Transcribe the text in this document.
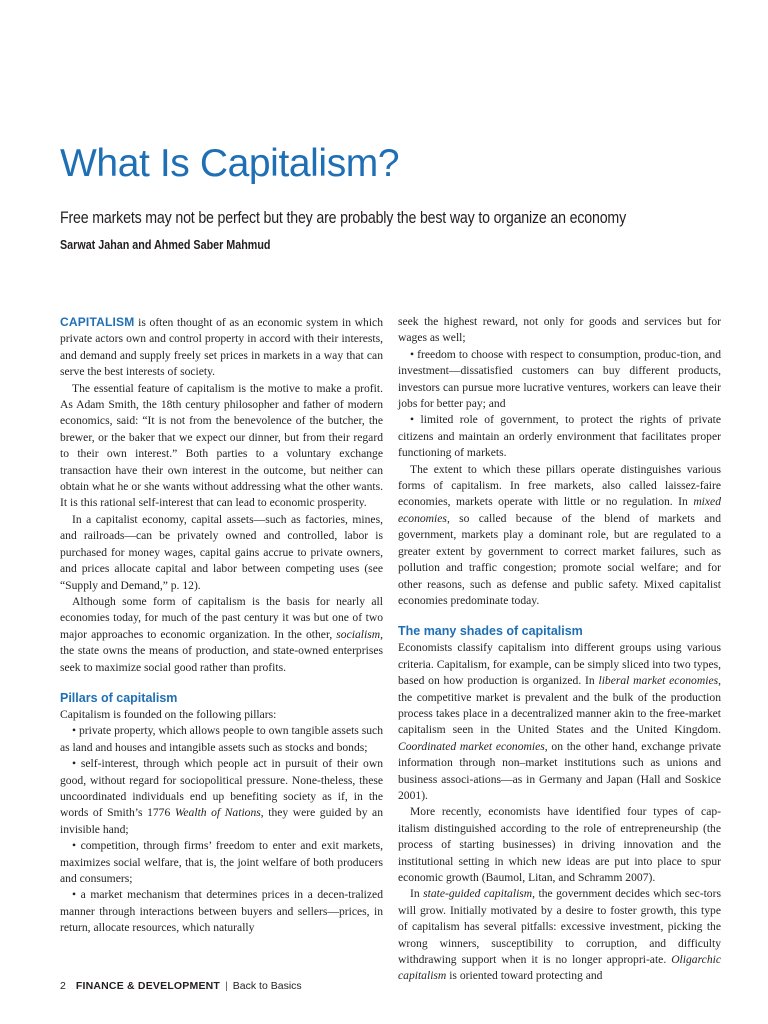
What Is Capitalism?
Free markets may not be perfect but they are probably the best way to organize an economy
Sarwat Jahan and Ahmed Saber Mahmud

CAPITALISM is often thought of as an economic system in which private actors own and control property in accord with their interests, and demand and supply freely set prices in markets in a way that can serve the best interests of society.

The essential feature of capitalism is the motive to make a profit. As Adam Smith, the 18th century philosopher and father of modern economics, said: “It is not from the benevolence of the butcher, the brewer, or the baker that we expect our dinner, but from their regard to their own interest.” Both parties to a voluntary exchange transaction have their own interest in the outcome, but neither can obtain what he or she wants without addressing what the other wants. It is this rational self-interest that can lead to economic prosperity.

In a capitalist economy, capital assets—such as factories, mines, and railroads—can be privately owned and controlled, labor is purchased for money wages, capital gains accrue to private owners, and prices allocate capital and labor between competing uses (see “Supply and Demand,” p. 12).

Although some form of capitalism is the basis for nearly all economies today, for much of the past century it was but one of two major approaches to economic organization. In the other, socialism, the state owns the means of production, and state-owned enterprises seek to maximize social good rather than profits.

Pillars of capitalism

Capitalism is founded on the following pillars:

• private property, which allows people to own tangible assets such as land and houses and intangible assets such as stocks and bonds;

• self-interest, through which people act in pursuit of their own good, without regard for sociopolitical pressure. None-theless, these uncoordinated individuals end up benefiting society as if, in the words of Smith’s 1776 Wealth of Nations, they were guided by an invisible hand;

• competition, through firms’ freedom to enter and exit markets, maximizes social welfare, that is, the joint welfare of both producers and consumers;

• a market mechanism that determines prices in a decen-tralized manner through interactions between buyers and sellers—prices, in return, allocate resources, which naturally

seek the highest reward, not only for goods and services but for wages as well;

• freedom to choose with respect to consumption, produc-tion, and investment—dissatisfied customers can buy different products, investors can pursue more lucrative ventures, workers can leave their jobs for better pay; and

• limited role of government, to protect the rights of private citizens and maintain an orderly environment that facilitates proper functioning of markets.

The extent to which these pillars operate distinguishes various forms of capitalism. In free markets, also called laissez-faire economies, markets operate with little or no regulation. In mixed economies, so called because of the blend of markets and government, markets play a dominant role, but are regulated to a greater extent by government to correct market failures, such as pollution and traffic congestion; promote social welfare; and for other reasons, such as defense and public safety. Mixed capitalist economies predominate today.

The many shades of capitalism

Economists classify capitalism into different groups using various criteria. Capitalism, for example, can be simply sliced into two types, based on how production is organized. In liberal market economies, the competitive market is prevalent and the bulk of the production process takes place in a decentralized manner akin to the free-market capitalism seen in the United States and the United Kingdom. Coordinated market economies, on the other hand, exchange private information through non–market institutions such as unions and business associ-ations—as in Germany and Japan (Hall and Soskice 2001).

More recently, economists have identified four types of cap-italism distinguished according to the role of entrepreneurship (the process of starting businesses) in driving innovation and the institutional setting in which new ideas are put into place to spur economic growth (Baumol, Litan, and Schramm 2007).

In state-guided capitalism, the government decides which sec-tors will grow. Initially motivated by a desire to foster growth, this type of capitalism has several pitfalls: excessive investment, picking the wrong winners, susceptibility to corruption, and difficulty withdrawing support when it is no longer appropri-ate. Oligarchic capitalism is oriented toward protecting and

2 FINANCE & DEVELOPMENT | Back to Basics
